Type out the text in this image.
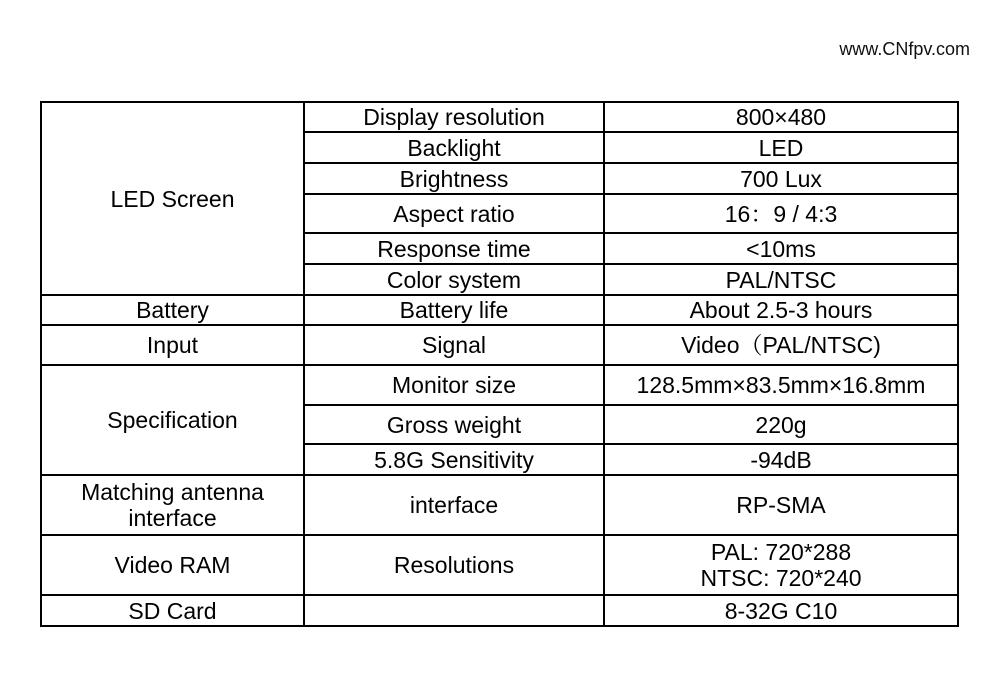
www.CNfpv.com
LED Screen	Display resolution	800×480
	Backlight	LED
	Brightness	700 Lux
	Aspect ratio	16：9 / 4:3
	Response time	<10ms
	Color system	PAL/NTSC
Battery	Battery life	About 2.5-3 hours
Input	Signal	Video（PAL/NTSC)
Specification	Monitor size	128.5mm×83.5mm×16.8mm
	Gross weight	220g
	5.8G Sensitivity	-94dB

Matching antenna
interface	interface	RP-SMA
Video RAM	Resolutions	PAL: 720*288
NTSC: 720*240

SD Card		8-32G C10
